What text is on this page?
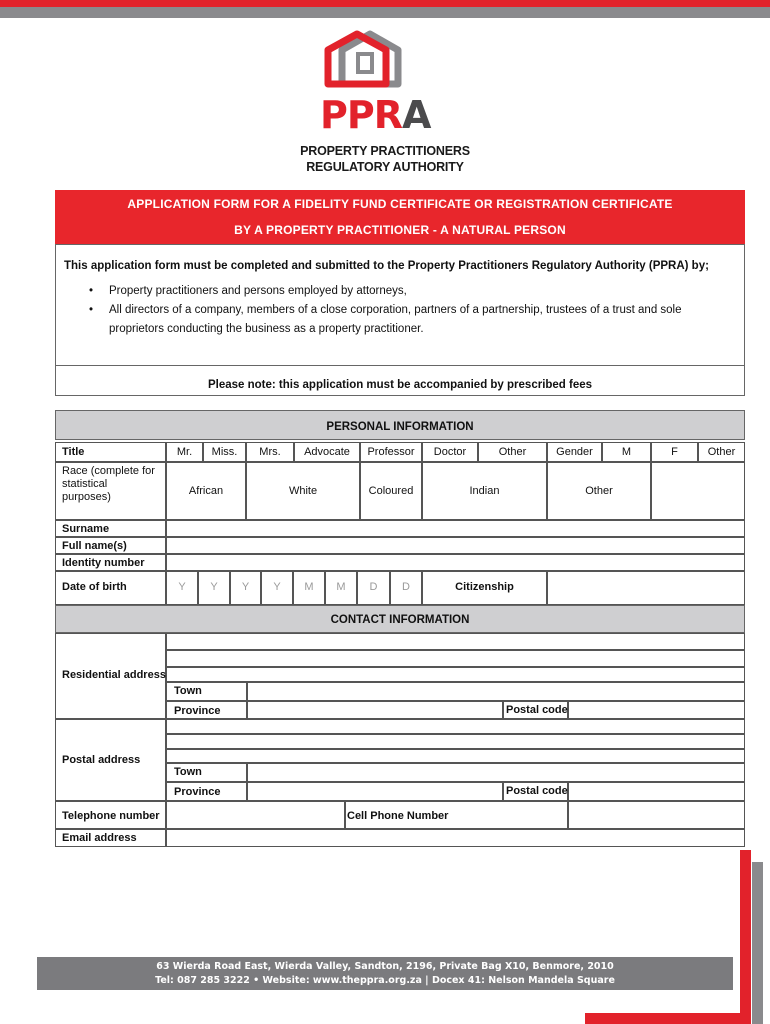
PPRA
PROPERTY PRACTITIONERS
REGULATORY AUTHORITY
APPLICATION FORM FOR A FIDELITY FUND CERTIFICATE OR REGISTRATION CERTIFICATE
BY A PROPERTY PRACTITIONER - A NATURAL PERSON
This application form must be completed and submitted to the Property Practitioners Regulatory Authority (PPRA) by;
• Property practitioners and persons employed by attorneys,
• All directors of a company, members of a close corporation, partners of a partnership, trustees of a trust and sole proprietors conducting the business as a property practitioner.
Please note: this application must be accompanied by prescribed fees
PERSONAL INFORMATION
Title	Mr.	Miss.	Mrs.	Advocate	Professor	Doctor	Other	Gender	M	F	Other
Race (complete for statistical purposes)	African	White	Coloured	Indian	Other
Surname
Full name(s)
Identity number
Date of birth	Y	Y	Y	Y	M	M	D	D	Citizenship
CONTACT INFORMATION
Residential address
Town
Province	Postal code
Postal address
Town
Province	Postal code
Telephone number	Cell Phone Number
Email address
63 Wierda Road East, Wierda Valley, Sandton, 2196, Private Bag X10, Benmore, 2010
Tel: 087 285 3222 • Website: www.theppra.org.za | Docex 41: Nelson Mandela Square
